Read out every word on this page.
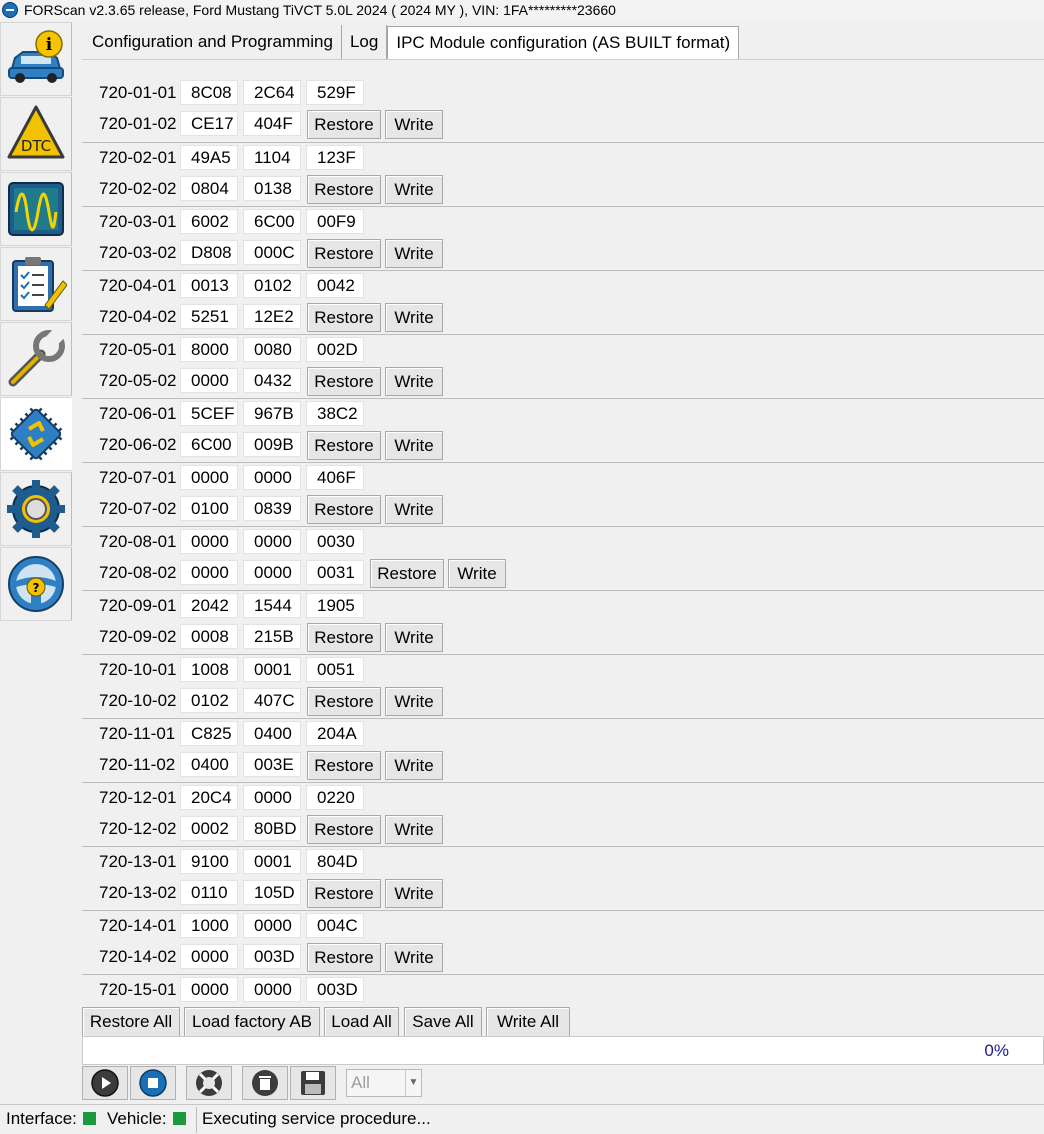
FORScan v2.3.65 release, Ford Mustang TiVCT 5.0L 2024 ( 2024 MY ), VIN: 1FA*********23660
i
DTC
?
Configuration and Programming	Log	IPC Module configuration (AS BUILT format)
720-01-01 8C08	2C64	529F
720-01-02 CE17	404F	Restore	Write
720-02-01 49A5	1104	123F
720-02-02 0804	0138	Restore	Write
720-03-01 6002	6C00	00F9
720-03-02 D808	000C	Restore	Write
720-04-01 0013	0102	0042
720-04-02 5251	12E2	Restore	Write
720-05-01 8000	0080	002D
720-05-02 0000	0432	Restore	Write
720-06-01 5CEF	967B	38C2
720-06-02 6C00	009B	Restore	Write
720-07-01 0000	0000	406F
720-07-02 0100	0839	Restore	Write
720-08-01 0000	0000	0030
720-08-02 0000	0000	0031	Restore	Write
720-09-01 2042	1544	1905
720-09-02 0008	215B	Restore	Write
720-10-01 1008	0001	0051
720-10-02 0102	407C	Restore	Write
720-11-01 C825	0400	204A
720-11-02 0400	003E	Restore	Write
720-12-01 20C4	0000	0220
720-12-02 0002	80BD	Restore	Write
720-13-01 9100	0001	804D
720-13-02 0110	105D	Restore	Write
720-14-01 1000	0000	004C
720-14-02 0000	003D	Restore	Write
720-15-01 0000	0000	003D
Restore All	Load factory AB	Load All	Save All	Write All
0%
All	▼
Interface:	Vehicle:	Executing service procedure...
